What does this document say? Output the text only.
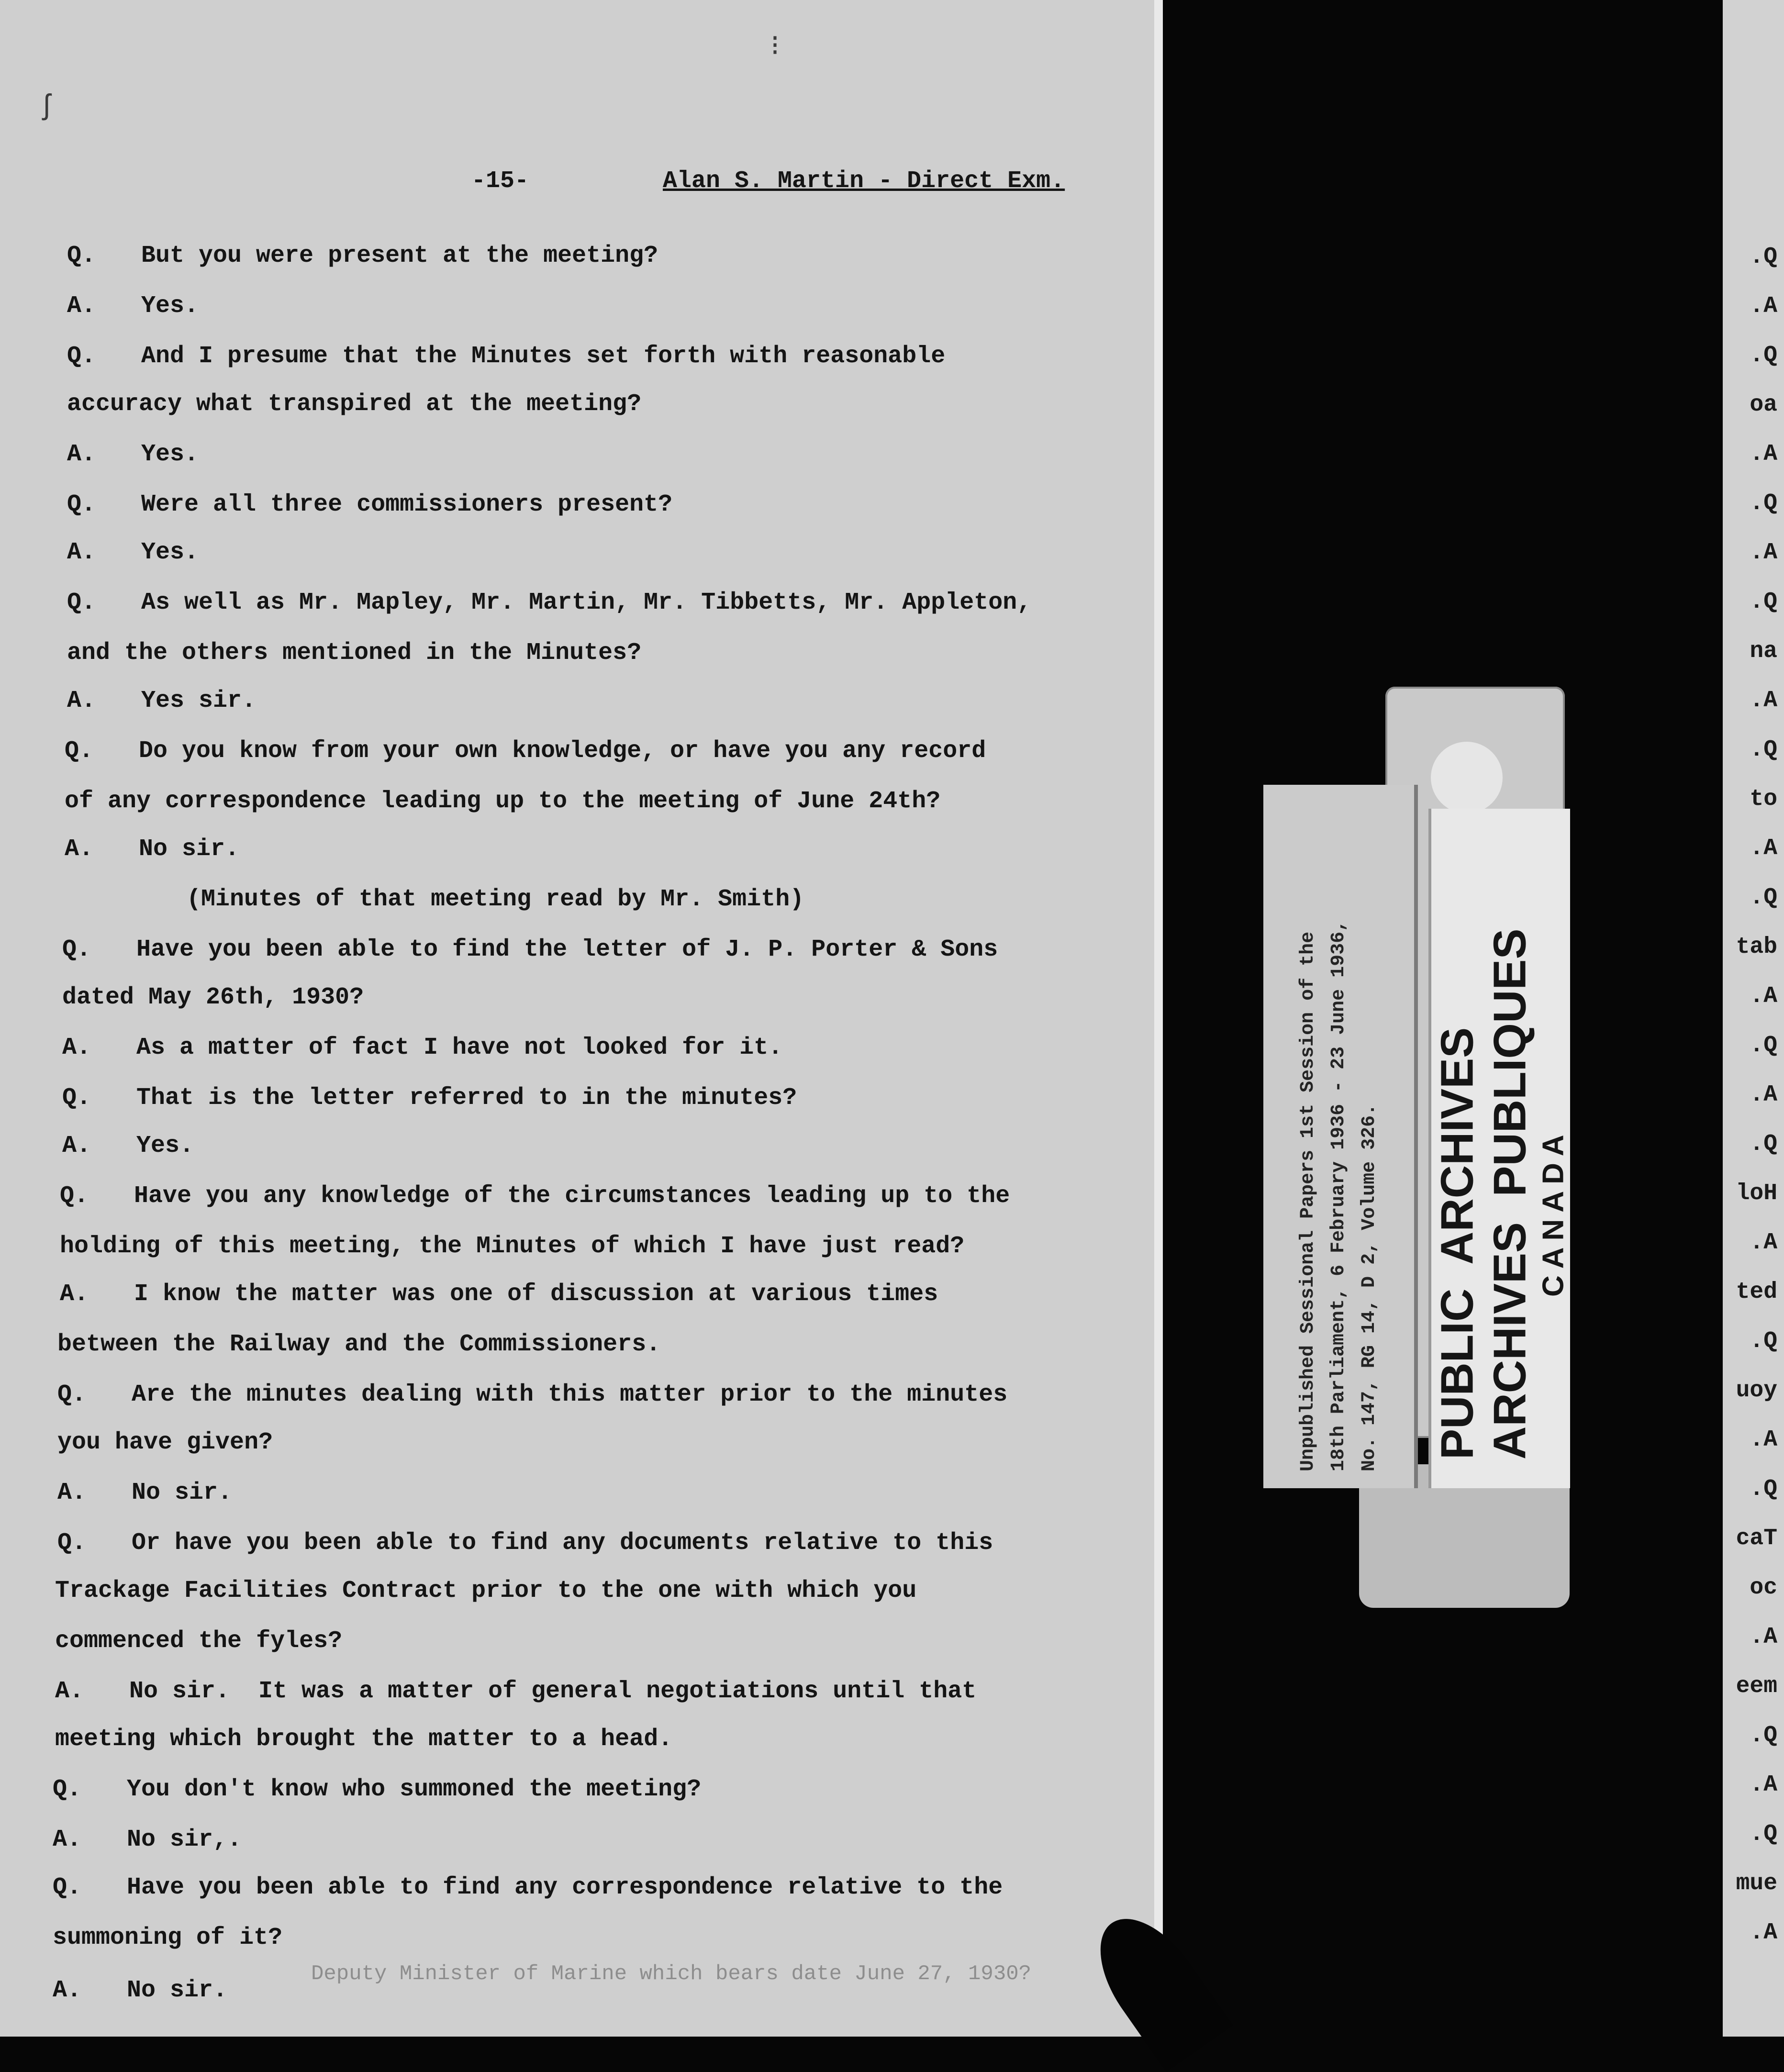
-15-	Alan S. Martin - Direct Exm.
Q. But you were present at the meeting?
A. Yes.
Q. And I presume that the Minutes set forth with reasonable
accuracy what transpired at the meeting?
A. Yes.
Q. Were all three commissioners present?
A. Yes.
Q. As well as Mr. Mapley, Mr. Martin, Mr. Tibbetts, Mr. Appleton,
and the others mentioned in the Minutes?
A. Yes sir.
Q. Do you know from your own knowledge, or have you any record
of any correspondence leading up to the meeting of June 24th?
A. No sir.
(Minutes of that meeting read by Mr. Smith)
Q. Have you been able to find the letter of J. P. Porter & Sons
dated May 26th, 1930?
A. As a matter of fact I have not looked for it.
Q. That is the letter referred to in the minutes?
A. Yes.
Q. Have you any knowledge of the circumstances leading up to the
holding of this meeting, the Minutes of which I have just read?
A. I know the matter was one of discussion at various times
between the Railway and the Commissioners.
Q. Are the minutes dealing with this matter prior to the minutes
you have given?
A. No sir.
Q. Or have you been able to find any documents relative to this
Trackage Facilities Contract prior to the one with which you
commenced the fyles?
A. No sir.  It was a matter of general negotiations until that
meeting which brought the matter to a head.
Q. You don't know who summoned the meeting?
A. No sir,.
Q. Have you been able to find any correspondence relative to the
summoning of it?
A. No sir.
Deputy Minister of Marine which bears date June 27, 1930?
ʃ
⁝
Unpublished Sessional Papers 1st Session of the 18th Parliament, 6 February 1936 - 23 June 1936, No. 147, RG 14, D 2, Volume 326. PUBLIC  ARCHIVES ARCHIVES  PUBLIQUES CANADA
.Q
.A
.Q
oa
.A
.Q
.A
.Q
na
.A
.Q
to
.A
.Q
tab
.A
.Q
.A
.Q
loH
.A
ted
.Q
uoy
.A
.Q
caT
oc
.A
eem
.Q
.A
.Q
mue
.A
